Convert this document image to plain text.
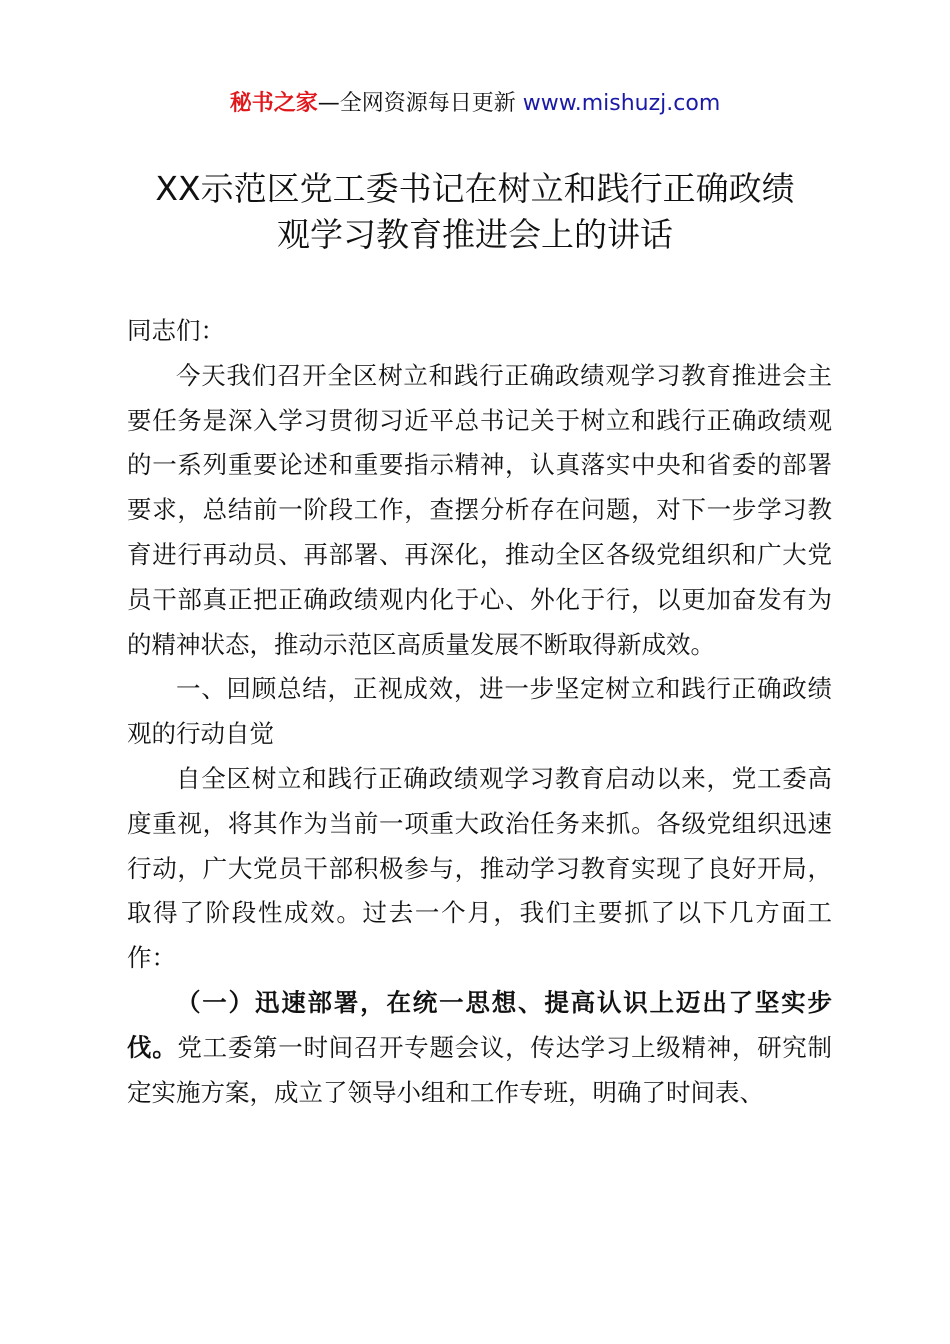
秘书之家—全网资源每日更新 www.mishuzj.com
XX示范区党工委书记在树立和践行正确政绩
观学习教育推进会上的讲话

同志们：

今天我们召开全区树立和践行正确政绩观学习教育推进会主要任务是深入学习贯彻习近平总书记关于树立和践行正确政绩观的一系列重要论述和重要指示精神，认真落实中央和省委的部署要求，总结前一阶段工作，查摆分析存在问题，对下一步学习教育进行再动员、再部署、再深化，推动全区各级党组织和广大党员干部真正把正确政绩观内化于心、外化于行，以更加奋发有为的精神状态，推动示范区高质量发展不断取得新成效。

一、回顾总结，正视成效，进一步坚定树立和践行正确政绩观的行动自觉

自全区树立和践行正确政绩观学习教育启动以来，党工委高度重视，将其作为当前一项重大政治任务来抓。各级党组织迅速行动，广大党员干部积极参与，推动学习教育实现了良好开局，取得了阶段性成效。过去一个月，我们主要抓了以下几方面工作：

（一）迅速部署，在统一思想、提高认识上迈出了坚实步伐。党工委第一时间召开专题会议，传达学习上级精神，研究制定实施方案，成立了领导小组和工作专班，明确了时间表、
